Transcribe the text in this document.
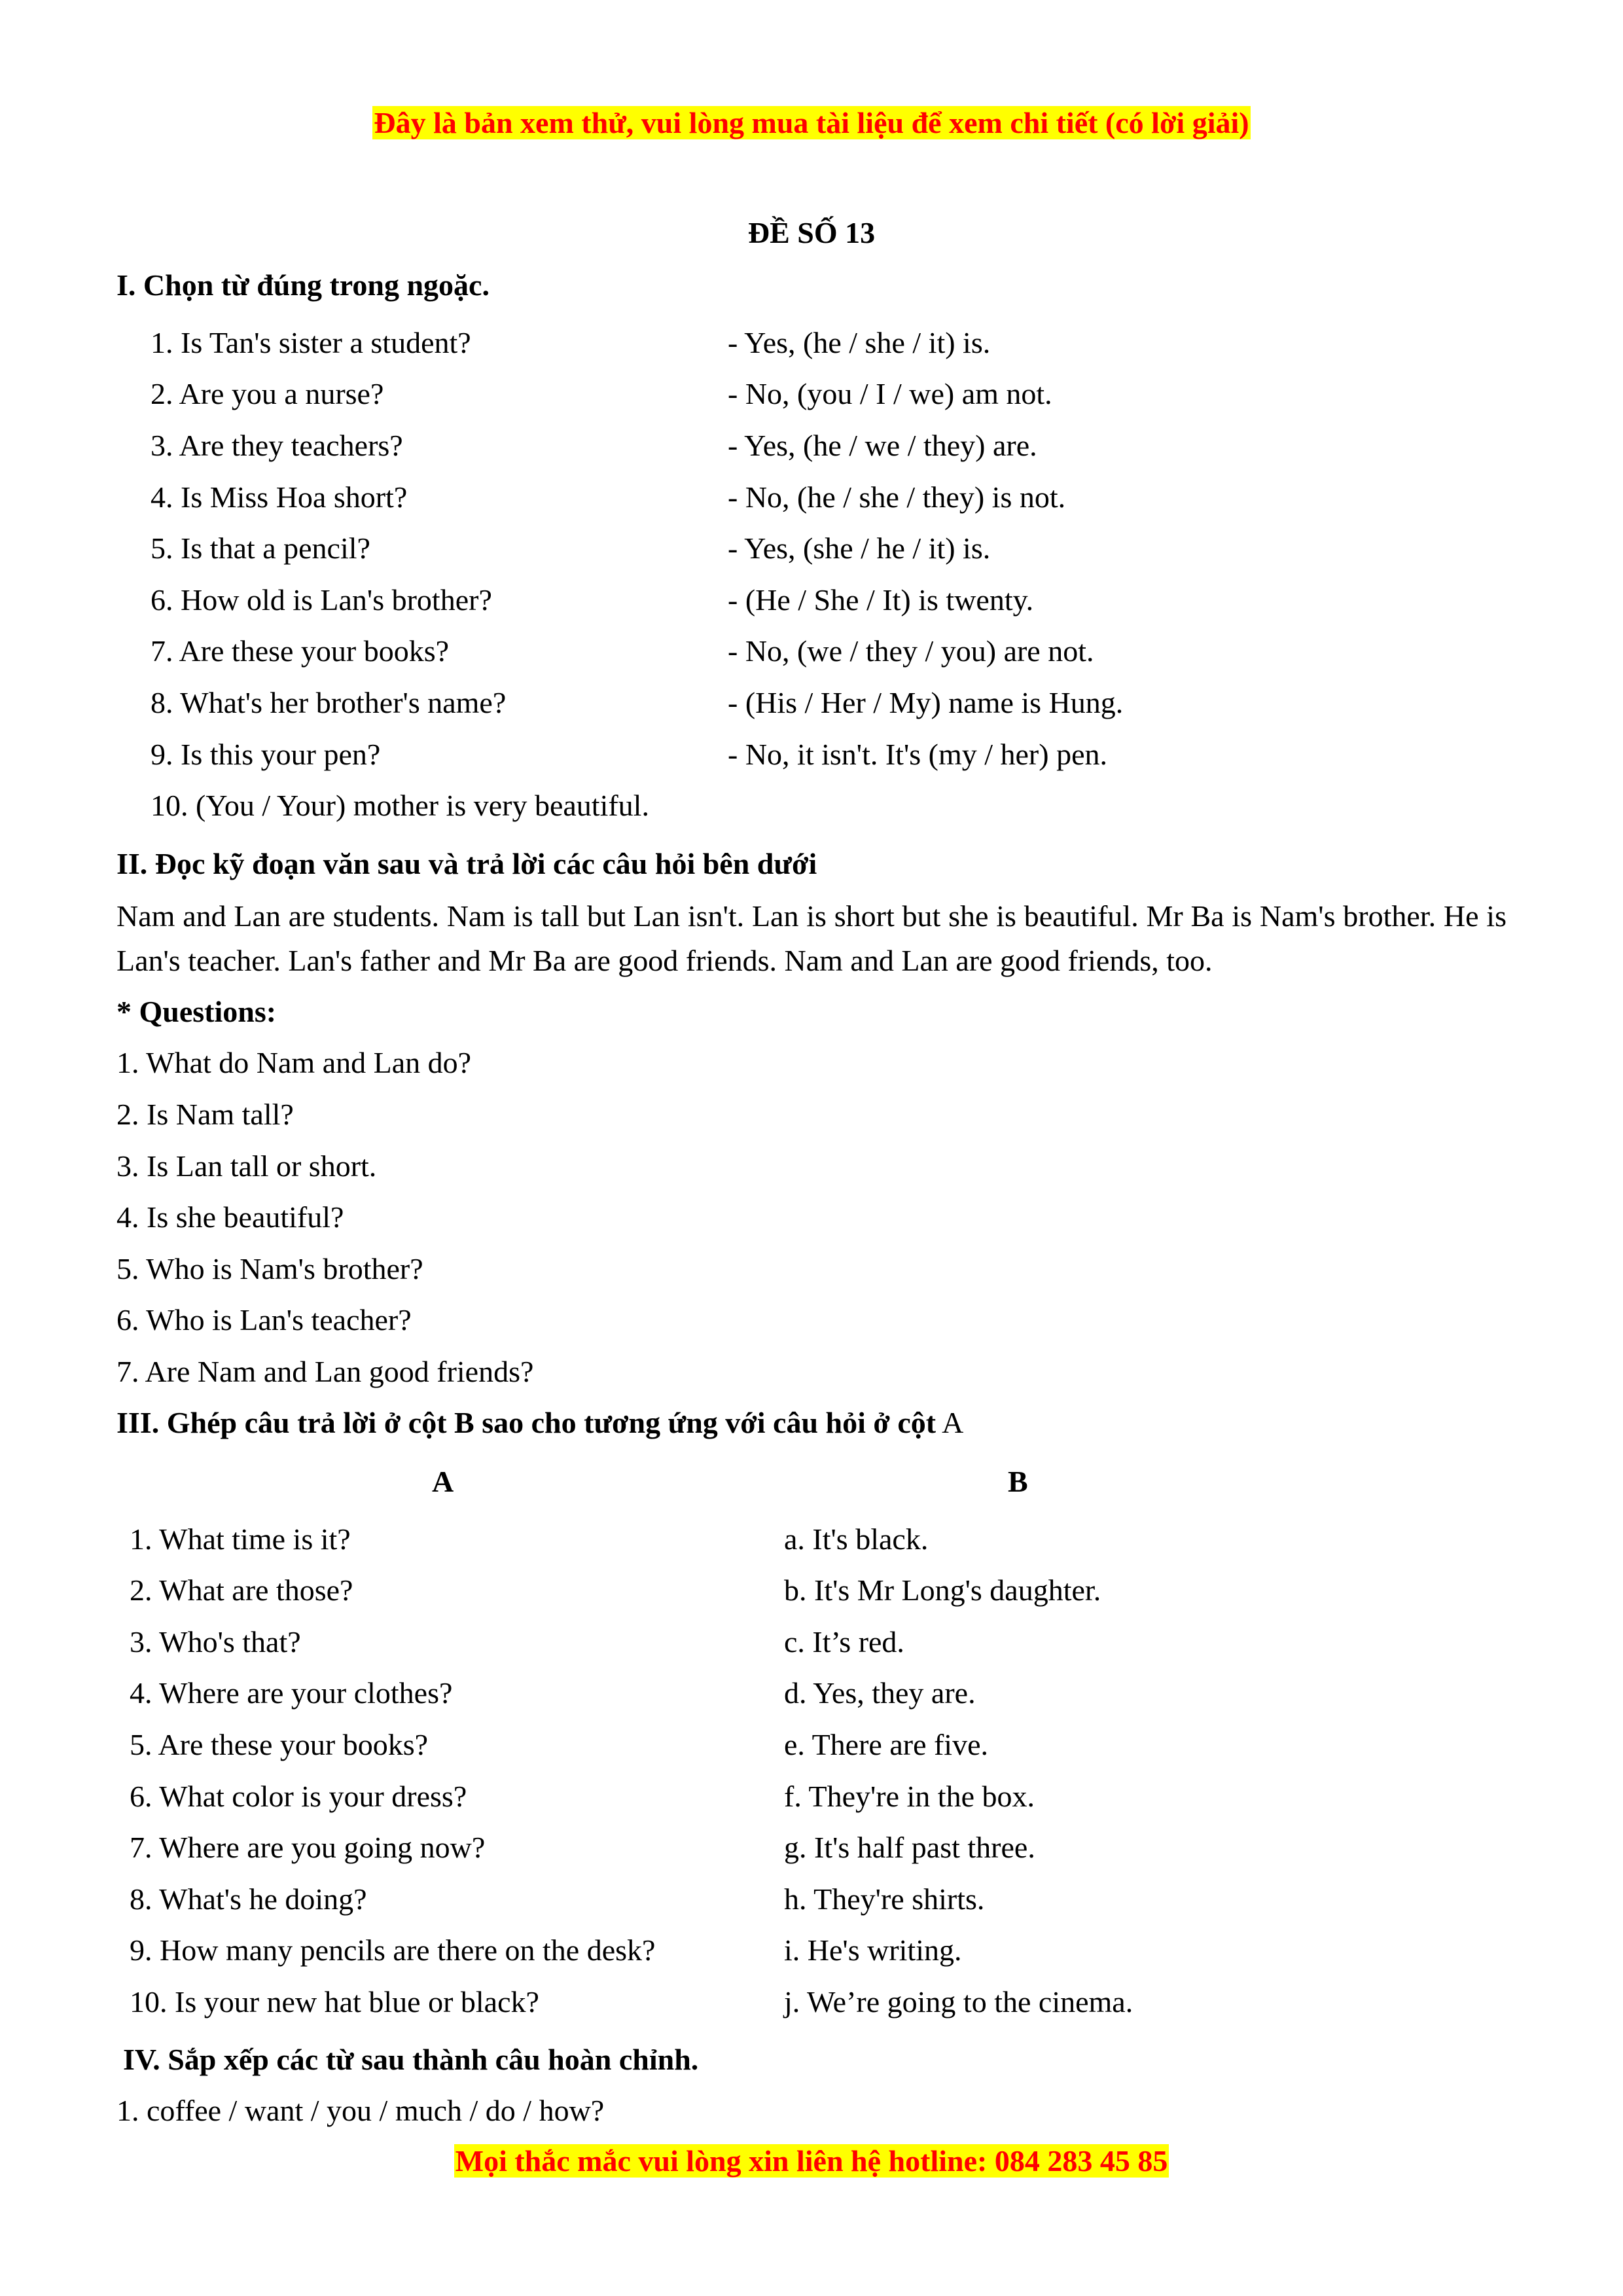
Đây là bản xem thử, vui lòng mua tài liệu để xem chi tiết (có lời giải)
ĐỀ SỐ 13
I. Chọn từ đúng trong ngoặc.
1. Is Tan's sister a student?	- Yes, (he / she / it) is.
2. Are you a nurse?	- No, (you / I / we) am not.
3. Are they teachers?	- Yes, (he / we / they) are.
4. Is Miss Hoa short?	- No, (he / she / they) is not.
5. Is that a pencil?	- Yes, (she / he / it) is.
6. How old is Lan's brother?	- (He / She / It) is twenty.
7. Are these your books?	- No, (we / they / you) are not.
8. What's her brother's name?	- (His / Her / My) name is Hung.
9. Is this your pen?	- No, it isn't. It's (my / her) pen.
10. (You / Your) mother is very beautiful.
II. Đọc kỹ đoạn văn sau và trả lời các câu hỏi bên dưới
Nam and Lan are students. Nam is tall but Lan isn't. Lan is short but she is beautiful. Mr Ba is Nam's brother. He is Lan's teacher. Lan's father and Mr Ba are good friends. Nam and Lan are good friends, too.
* Questions:
1. What do Nam and Lan do?
2. Is Nam tall?
3. Is Lan tall or short.
4. Is she beautiful?
5. Who is Nam's brother?
6. Who is Lan's teacher?
7. Are Nam and Lan good friends?
III. Ghép câu trả lời ở cột B sao cho tương ứng với câu hỏi ở cột A
A	B
1. What time is it?	a. It's black.
2. What are those?	b. It's Mr Long's daughter.
3. Who's that?	c. It’s red.
4. Where are your clothes?	d. Yes, they are.
5. Are these your books?	e. There are five.
6. What color is your dress?	f. They're in the box.
7. Where are you going now?	g. It's half past three.
8. What's he doing?	h. They're shirts.
9. How many pencils are there on the desk?	i. He's writing.
10. Is your new hat blue or black?	j. We’re going to the cinema.
IV. Sắp xếp các từ sau thành câu hoàn chỉnh.
1. coffee / want / you / much / do / how?
Mọi thắc mắc vui lòng xin liên hệ hotline: 084 283 45 85
